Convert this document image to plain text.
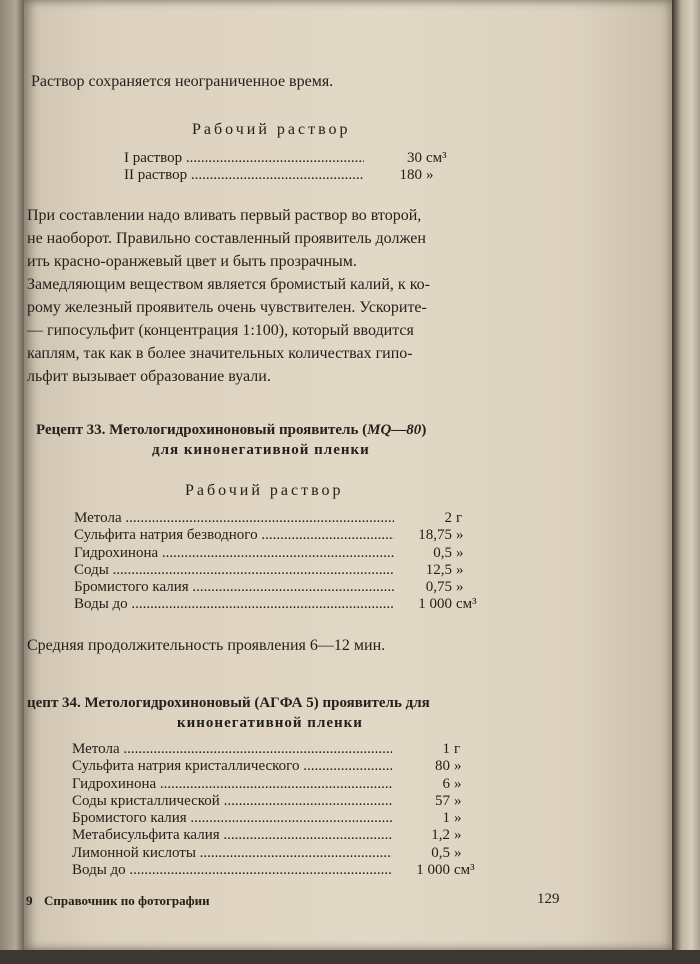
Раствор сохраняется неограниченное время.
Рабочий раствор
I раствор .....	30 см³
II раствор .....	180 »
При составлении надо вливать первый раствор во второй,
не наоборот. Правильно составленный проявитель должен
ить красно-оранжевый цвет и быть прозрачным.
Замедляющим веществом является бромистый калий, к ко-
рому железный проявитель очень чувствителен. Ускорите-
— гипосульфит (концентрация 1:100), который вводится
каплям, так как в более значительных количествах гипо-
льфит вызывает образование вуали.
Рецепт 33. Метологидрохиноновый проявитель (MQ—80)
для кинонегативной пленки
Рабочий раствор
Метола .....	2 г
Сульфита натрия безводного .....	18,75 »
Гидрохинона .....	0,5 »
Соды .....	12,5 »
Бромистого калия .....	0,75 »
Воды до .....	1 000 см³
Средняя продолжительность проявления 6—12 мин.
цепт 34. Метологидрохиноновый (АГФА 5) проявитель для
кинонегативной пленки
Метола .....	1 г
Сульфита натрия кристаллического .....	80 »
Гидрохинона .....	6 »
Соды кристаллической .....	57 »
Бромистого калия .....	1 »
Метабисульфита калия .....	1,2 »
Лимонной кислоты .....	0,5 »
Воды до .....	1 000 см³
9 Справочник по фотографии	129
